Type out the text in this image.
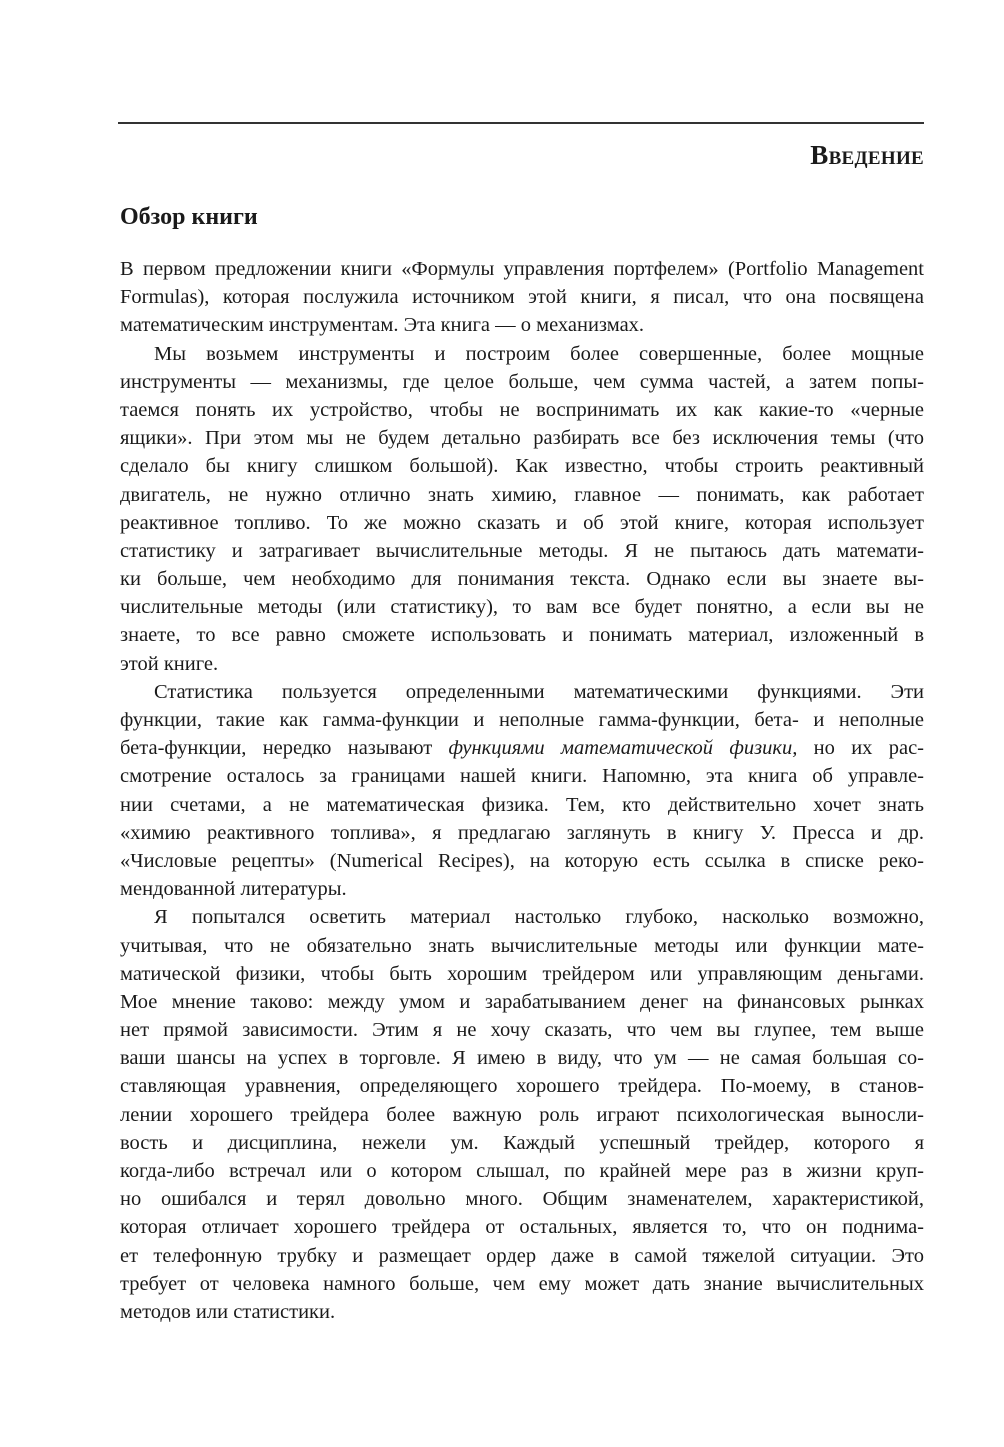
Введение
Обзор книги
В первом предложении книги «Формулы управления портфелем» (Portfolio Management
Formulas), которая послужила источником этой книги, я писал, что она посвящена
математическим инструментам. Эта книга — о механизмах.
Мы возьмем инструменты и построим более совершенные, более мощные
инструменты — механизмы, где целое больше, чем сумма частей, а затем попы-
таемся понять их устройство, чтобы не воспринимать их как какие-то «черные
ящики». При этом мы не будем детально разбирать все без исключения темы (что
сделало бы книгу слишком большой). Как известно, чтобы строить реактивный
двигатель, не нужно отлично знать химию, главное — понимать, как работает
реактивное топливо. То же можно сказать и об этой книге, которая использует
статистику и затрагивает вычислительные методы. Я не пытаюсь дать математи-
ки больше, чем необходимо для понимания текста. Однако если вы знаете вы-
числительные методы (или статистику), то вам все будет понятно, а если вы не
знаете, то все равно сможете использовать и понимать материал, изложенный в
этой книге.
Статистика пользуется определенными математическими функциями. Эти
функции, такие как гамма-функции и неполные гамма-функции, бета- и неполные
бета-функции, нередко называют функциями математической физики, но их рас-
смотрение осталось за границами нашей книги. Напомню, эта книга об управле-
нии счетами, а не математическая физика. Тем, кто действительно хочет знать
«химию реактивного топлива», я предлагаю заглянуть в книгу У. Пресса и др.
«Числовые рецепты» (Numerical Recipes), на которую есть ссылка в списке реко-
мендованной литературы.
Я попытался осветить материал настолько глубоко, насколько возможно,
учитывая, что не обязательно знать вычислительные методы или функции мате-
матической физики, чтобы быть хорошим трейдером или управляющим деньгами.
Мое мнение таково: между умом и зарабатыванием денег на финансовых рынках
нет прямой зависимости. Этим я не хочу сказать, что чем вы глупее, тем выше
ваши шансы на успех в торговле. Я имею в виду, что ум — не самая большая со-
ставляющая уравнения, определяющего хорошего трейдера. По-моему, в станов-
лении хорошего трейдера более важную роль играют психологическая выносли-
вость и дисциплина, нежели ум. Каждый успешный трейдер, которого я
когда-либо встречал или о котором слышал, по крайней мере раз в жизни круп-
но ошибался и терял довольно много. Общим знаменателем, характеристикой,
которая отличает хорошего трейдера от остальных, является то, что он поднима-
ет телефонную трубку и размещает ордер даже в самой тяжелой ситуации. Это
требует от человека намного больше, чем ему может дать знание вычислительных
методов или статистики.
